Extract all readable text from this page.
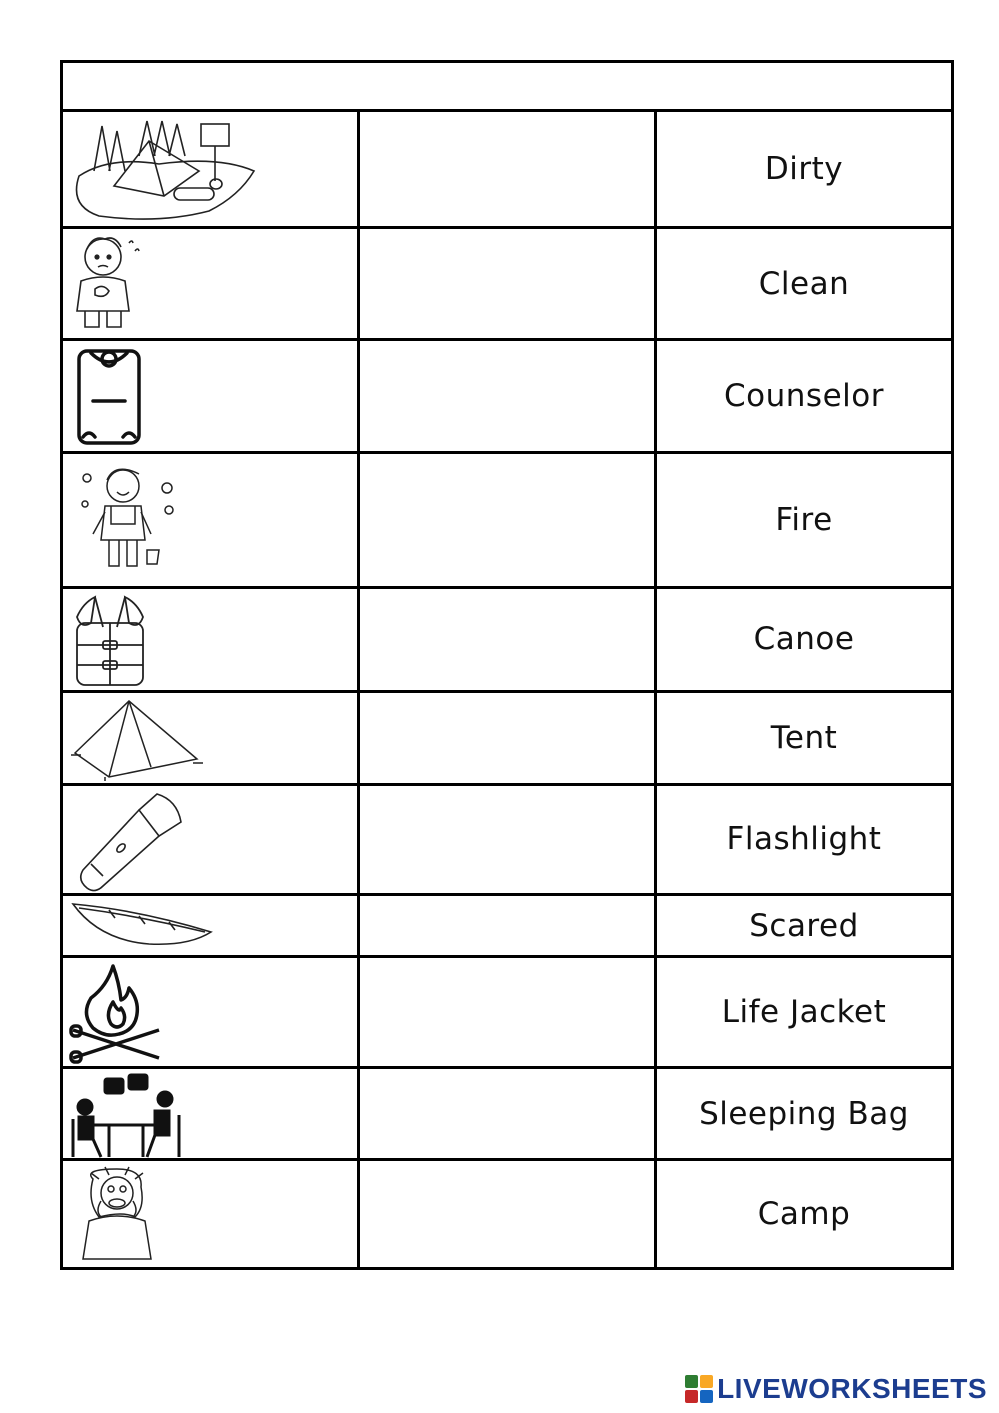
		Dirty

		Clean

		Counselor

		Fire

		Canoe

		Tent

		Flashlight

		Scared

		Life Jacket

		Sleeping Bag

		Camp
LIVEWORKSHEETS
